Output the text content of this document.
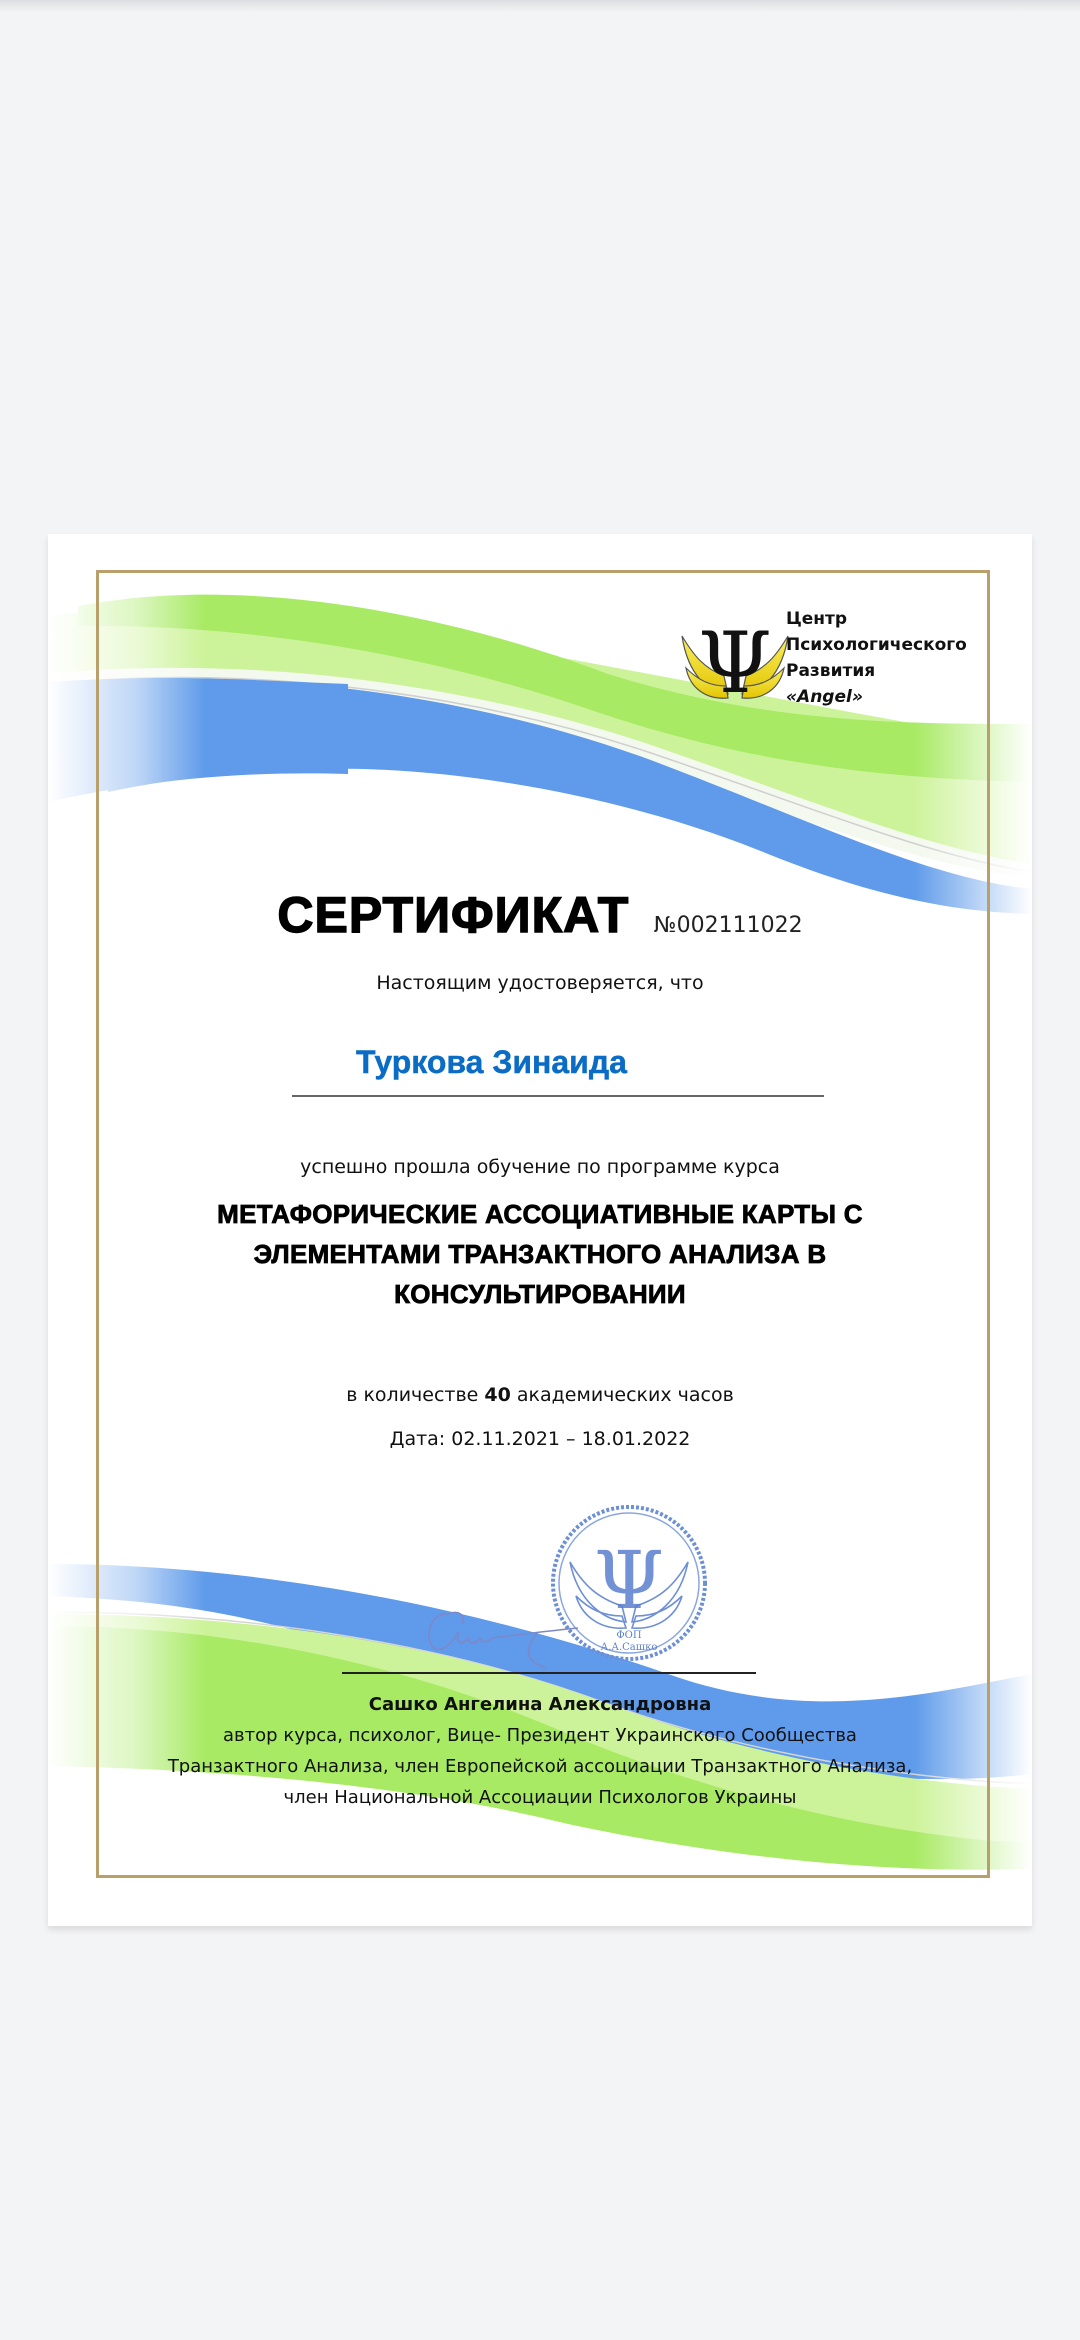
Ψ Центр
Психологического
Развития
«Angel»
СЕРТИФИКАТ №002111022
Настоящим удостоверяется, что
Туркова Зинаида
успешно прошла обучение по программе курса
МЕТАФОРИЧЕСКИЕ АССОЦИАТИВНЫЕ КАРТЫ С
ЭЛЕМЕНТАМИ ТРАНЗАКТНОГО АНАЛИЗА В
КОНСУЛЬТИРОВАНИИ
в количестве 40 академических часов
Дата: 02.11.2021 – 18.01.2022
Ψ
ФОП
А.А.Сашко
Сашко Ангелина Александровна
автор курса, психолог, Вице- Президент Украинского Сообщества
Транзактного Анализа, член Европейской ассоциации Транзактного Анализа,
член Национальной Ассоциации Психологов Украины
